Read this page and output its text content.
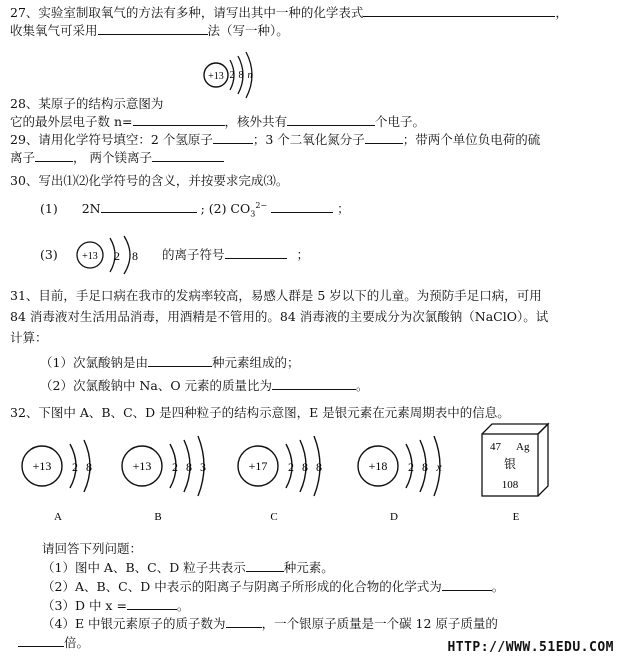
27、实验室制取氧气的方法有多种，请写出其中一种的化学表式	，
收集氧气可采用	法（写一种）。
+13 2 8 n
28、某原子的结构示意图为
它的最外层电子数 n=	，核外共有	个电子。
29、请用化学符号填空：2 个氢原子	；3 个二氧化氮分子	；带两个单位负电荷的硫
离子	， 两个镁离子
30、写出⑴⑵化学符号的含义，并按要求完成⑶。
(1) 2N	; (2) $CO_3^{2-}$	；
(3) +13 2 8 的离子符号	；
31、目前，手足口病在我市的发病率较高，易感人群是 5 岁以下的儿童。为预防手足口病，可用
84 消毒液对生活用品消毒，用酒精是不管用的。84 消毒液的主要成分为次氯酸钠（NaClO）。试
计算：
（1）次氯酸钠是由	种元素组成的；
（2）次氯酸钠中 Na、O 元素的质量比为	。
32、下图中 A、B、C、D 是四种粒子的结构示意图，E 是银元素在元素周期表中的信息。
+13 2 8
A
+13 2 8 3
B
+17 2 8 8
C
+18 2 8 x
D
47 Ag
银
108
E
请回答下列问题：
（1）图中 A、B、C、D 粒子共表示	种元素。
（2）A、B、C、D 中表示的阳离子与阴离子所形成的化合物的化学式为	。
（3）D 中 x =	。
（4）E 中银元素原子的质子数为	，一个银原子质量是一个碳 12 原子质量的
倍。	HTTP://WWW.51EDU.COM
